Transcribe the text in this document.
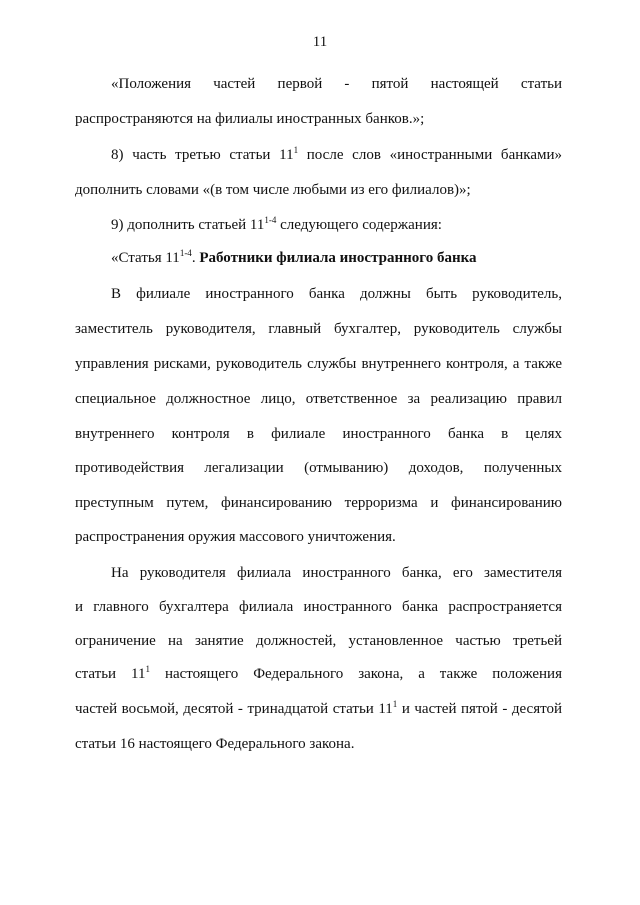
11
«Положения частей первой - пятой настоящей статьи
распространяются на филиалы иностранных банков.»;
8) часть третью статьи $11^1$ после слов «иностранными банками»
дополнить словами «(в том числе любыми из его филиалов)»;
9) дополнить статьей 11$^{1-4}$ следующего содержания:
«Статья 11$^{1-4}$. Работники филиала иностранного банка
В филиале иностранного банка должны быть руководитель,
заместитель руководителя, главный бухгалтер, руководитель службы
управления рисками, руководитель службы внутреннего контроля, а также
специальное должностное лицо, ответственное за реализацию правил
внутреннего контроля в филиале иностранного банка в целях
противодействия легализации (отмыванию) доходов, полученных
преступным путем, финансированию терроризма и финансированию
распространения оружия массового уничтожения.
На руководителя филиала иностранного банка, его заместителя
и главного бухгалтера филиала иностранного банка распространяется
ограничение на занятие должностей, установленное частью третьей
статьи $11^1$ настоящего Федерального закона, а также положения
частей восьмой, десятой - тринадцатой статьи $11^1$ и частей пятой - десятой
статьи 16 настоящего Федерального закона.
